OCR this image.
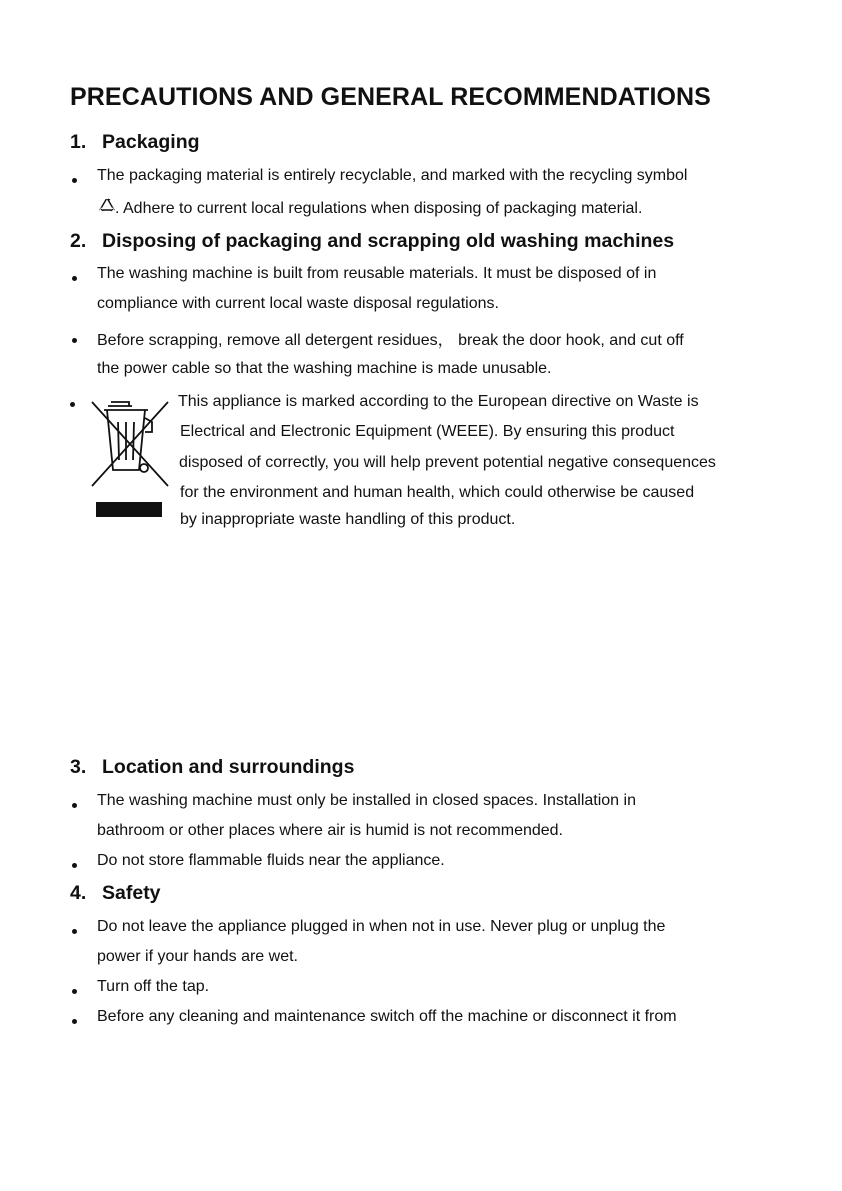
PRECAUTIONS AND GENERAL RECOMMENDATIONS
1. Packaging
The packaging material is entirely recyclable, and marked with the recycling symbol
. Adhere to current local regulations when disposing of packaging material.
2. Disposing of packaging and scrapping old washing machines
The washing machine is built from reusable materials. It must be disposed of in
compliance with current local waste disposal regulations.
Before scrapping, remove all detergent residues， break the door hook, and cut off
the power cable so that the washing machine is made unusable.
This appliance is marked according to the European directive on Waste is
Electrical and Electronic Equipment (WEEE). By ensuring this product
disposed of correctly, you will help prevent potential negative consequences
for the environment and human health, which could otherwise be caused
by inappropriate waste handling of this product.
3. Location and surroundings
The washing machine must only be installed in closed spaces. Installation in
bathroom or other places where air is humid is not recommended.
Do not store flammable fluids near the appliance.
4. Safety
Do not leave the appliance plugged in when not in use. Never plug or unplug the
power if your hands are wet.
Turn off the tap.
Before any cleaning and maintenance switch off the machine or disconnect it from
